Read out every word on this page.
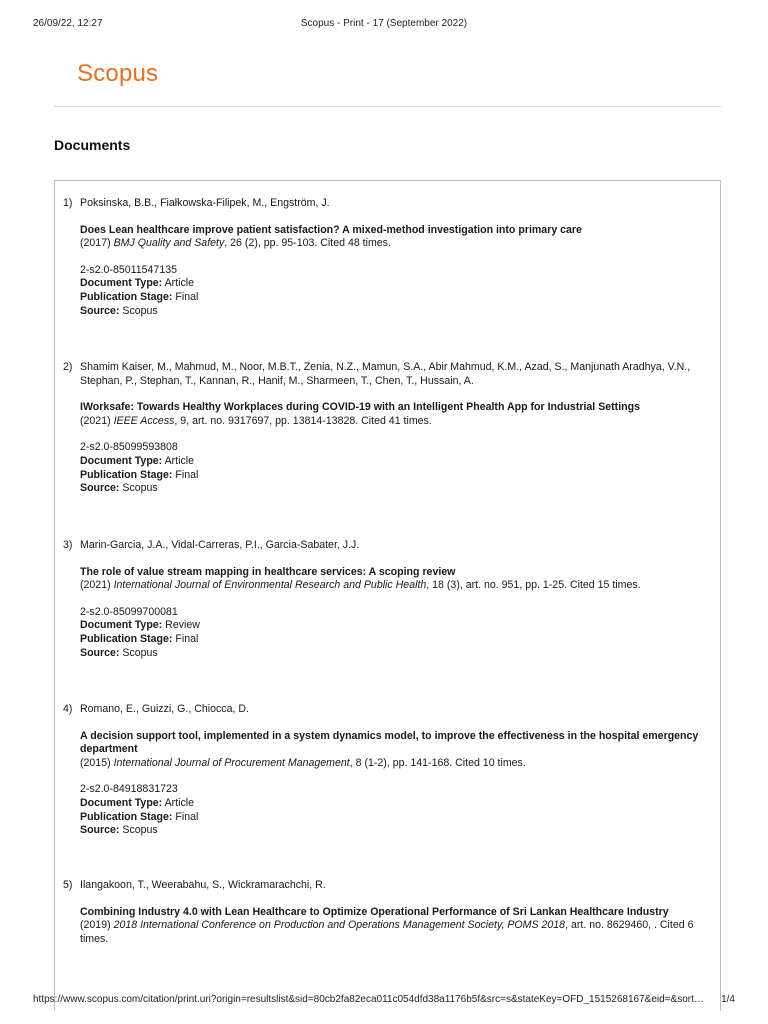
26/09/22, 12:27	Scopus - Print - 17 (September 2022)
Scopus
Documents
1) Poksinska, B.B., Fiałkowska-Filipek, M., Engström, J.
Does Lean healthcare improve patient satisfaction? A mixed-method investigation into primary care
(2017) BMJ Quality and Safety, 26 (2), pp. 95-103. Cited 48 times.
2-s2.0-85011547135
Document Type: Article
Publication Stage: Final
Source: Scopus
2) Shamim Kaiser, M., Mahmud, M., Noor, M.B.T., Zenia, N.Z., Mamun, S.A., Abir Mahmud, K.M., Azad, S., Manjunath Aradhya, V.N., Stephan, P., Stephan, T., Kannan, R., Hanif, M., Sharmeen, T., Chen, T., Hussain, A.
IWorksafe: Towards Healthy Workplaces during COVID-19 with an Intelligent Phealth App for Industrial Settings
(2021) IEEE Access, 9, art. no. 9317697, pp. 13814-13828. Cited 41 times.
2-s2.0-85099593808
Document Type: Article
Publication Stage: Final
Source: Scopus
3) Marin-Garcia, J.A., Vidal-Carreras, P.I., Garcia-Sabater, J.J.
The role of value stream mapping in healthcare services: A scoping review
(2021) International Journal of Environmental Research and Public Health, 18 (3), art. no. 951, pp. 1-25. Cited 15 times.
2-s2.0-85099700081
Document Type: Review
Publication Stage: Final
Source: Scopus
4) Romano, E., Guizzi, G., Chiocca, D.
A decision support tool, implemented in a system dynamics model, to improve the effectiveness in the hospital emergency department
(2015) International Journal of Procurement Management, 8 (1-2), pp. 141-168. Cited 10 times.
2-s2.0-84918831723
Document Type: Article
Publication Stage: Final
Source: Scopus
5) Ilangakoon, T., Weerabahu, S., Wickramarachchi, R.
Combining Industry 4.0 with Lean Healthcare to Optimize Operational Performance of Sri Lankan Healthcare Industry
(2019) 2018 International Conference on Production and Operations Management Society, POMS 2018, art. no. 8629460, . Cited 6 times.
https://www.scopus.com/citation/print.uri?origin=resultslist&sid=80cb2fa82eca011c054dfd38a1176b5f&src=s&stateKey=OFD_1515268167&eid=&sort…	1/4
